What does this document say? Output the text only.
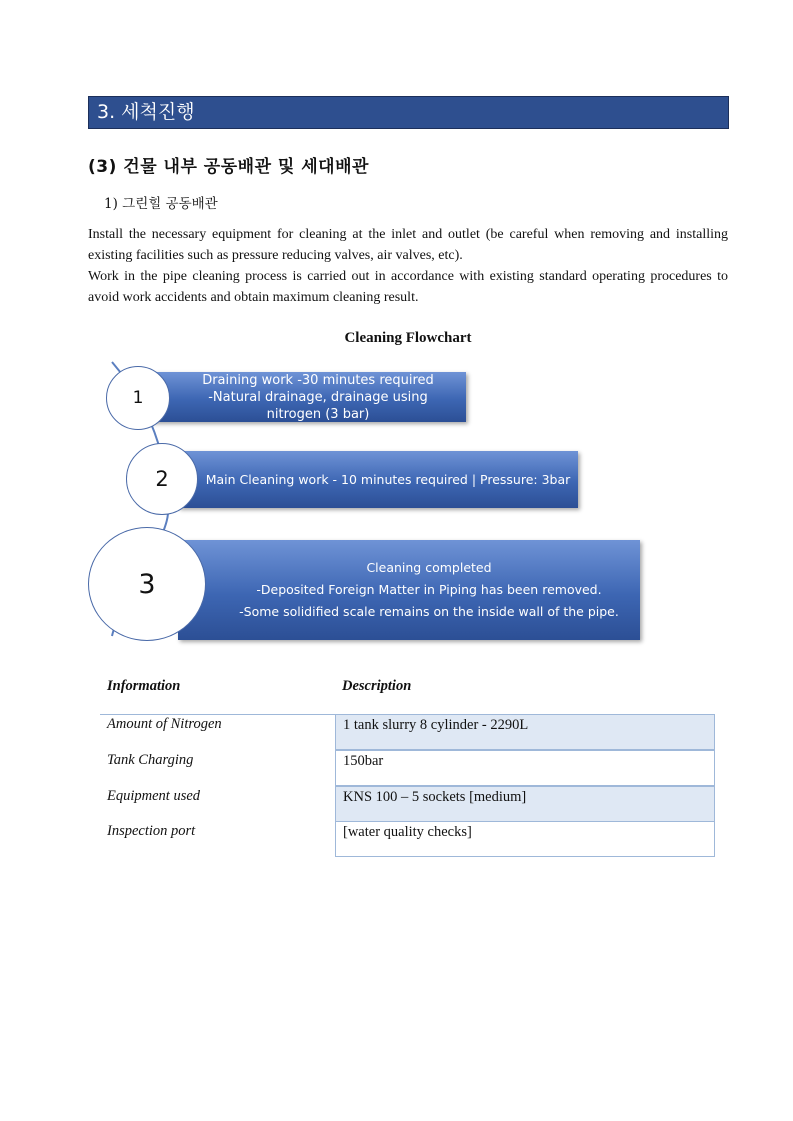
3. 세척진행
(3) 건물 내부 공동배관 및 세대배관
1) 그린힐 공동배관
Install the necessary equipment for cleaning at the inlet and outlet (be careful when removing and installing existing facilities such as pressure reducing valves, air valves, etc).
Work in the pipe cleaning process is carried out in accordance with existing standard operating procedures to avoid work accidents and obtain maximum cleaning result.
Cleaning Flowchart
Draining work -30 minutes required
-Natural drainage, drainage using
nitrogen (3 bar)
Main Cleaning work - 10 minutes required | Pressure: 3bar
Cleaning completed
-Deposited Foreign Matter in Piping has been removed.
-Some solidified scale remains on the inside wall of the pipe.
1
2
3
Information	Description
Amount of Nitrogen	1 tank slurry 8 cylinder - 2290L
Tank Charging	150bar
Equipment used	KNS 100 – 5 sockets [medium]
Inspection port	[water quality checks]
